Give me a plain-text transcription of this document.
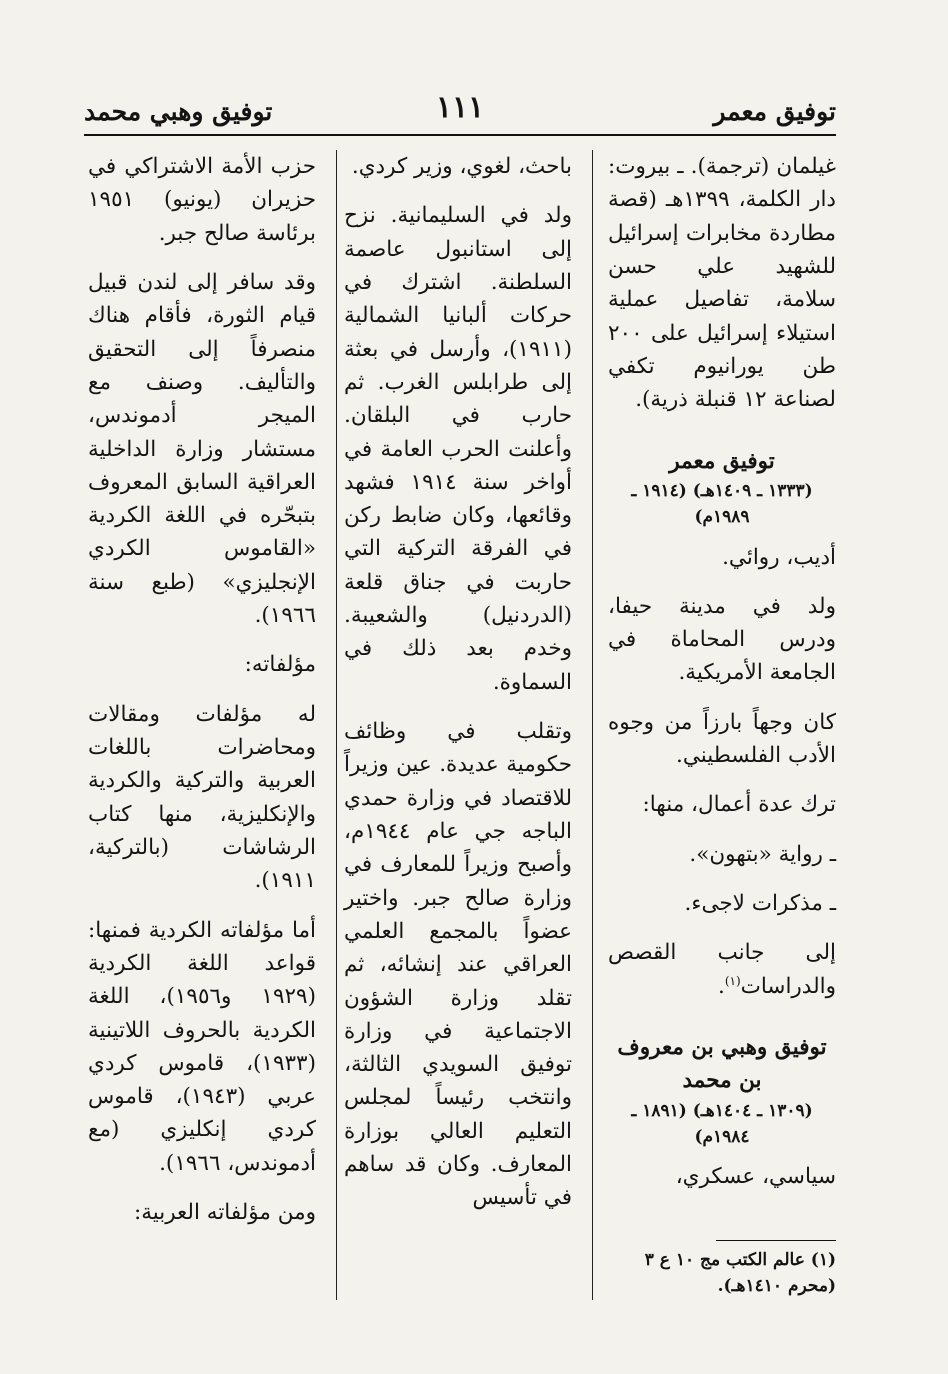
توفيق معمر
١١١
توفيق وهبي محمد

غيلمان (ترجمة). ـ بيروت: دار الكلمة، ١٣٩٩هـ (قصة مطاردة مخابرات إسرائيل للشهيد علي حسن سلامة، تفاصيل عملية استيلاء إسرائيل على ٢٠٠ طن يورانيوم تكفي لصناعة ١٢ قنبلة ذرية).

توفيق معمر
(١٣٣٣ ـ ١٤٠٩هـ) (١٩١٤ ـ ١٩٨٩م)

أديب، روائي.

ولد في مدينة حيفا، ودرس المحاماة في الجامعة الأمريكية.

كان وجهاً بارزاً من وجوه الأدب الفلسطيني.

ترك عدة أعمال، منها:

ـ رواية «بتهون».

ـ مذكرات لاجىء.

إلى جانب القصص والدراسات$^{(١)}$.

توفيق وهبي بن معروف بن محمد
(١٣٠٩ ـ ١٤٠٤هـ) (١٨٩١ ـ ١٩٨٤م)

سياسي، عسكري،

باحث، لغوي، وزير كردي.

ولد في السليمانية. نزح إلى استانبول عاصمة السلطنة. اشترك في حركات ألبانيا الشمالية (١٩١١)، وأرسل في بعثة إلى طرابلس الغرب. ثم حارب في البلقان. وأعلنت الحرب العامة في أواخر سنة ١٩١٤ فشهد وقائعها، وكان ضابط ركن في الفرقة التركية التي حاربت في جناق قلعة (الدردنيل) والشعيبة. وخدم بعد ذلك في السماوة.

وتقلب في وظائف حكومية عديدة. عين وزيراً للاقتصاد في وزارة حمدي الباجه جي عام ١٩٤٤م، وأصبح وزيراً للمعارف في وزارة صالح جبر. واختير عضواً بالمجمع العلمي العراقي عند إنشائه، ثم تقلد وزارة الشؤون الاجتماعية في وزارة توفيق السويدي الثالثة، وانتخب رئيساً لمجلس التعليم العالي بوزارة المعارف. وكان قد ساهم في تأسيس

حزب الأمة الاشتراكي في حزيران (يونيو) ١٩٥١ برئاسة صالح جبر.

وقد سافر إلى لندن قبيل قيام الثورة، فأقام هناك منصرفاً إلى التحقيق والتأليف. وصنف مع الميجر أدموندس، مستشار وزارة الداخلية العراقية السابق المعروف بتبحّره في اللغة الكردية «القاموس الكردي الإنجليزي» (طبع سنة ١٩٦٦).

مؤلفاته:

له مؤلفات ومقالات ومحاضرات باللغات العربية والتركية والكردية والإنكليزية، منها كتاب الرشاشات (بالتركية، ١٩١١).

أما مؤلفاته الكردية فمنها: قواعد اللغة الكردية (١٩٢٩ و١٩٥٦)، اللغة الكردية بالحروف اللاتينية (١٩٣٣)، قاموس كردي عربي (١٩٤٣)، قاموس كردي إنكليزي (مع أدموندس، ١٩٦٦).

ومن مؤلفاته العربية:

(١) عالم الكتب مج ١٠ ع ٣ (محرم ١٤١٠هـ).
